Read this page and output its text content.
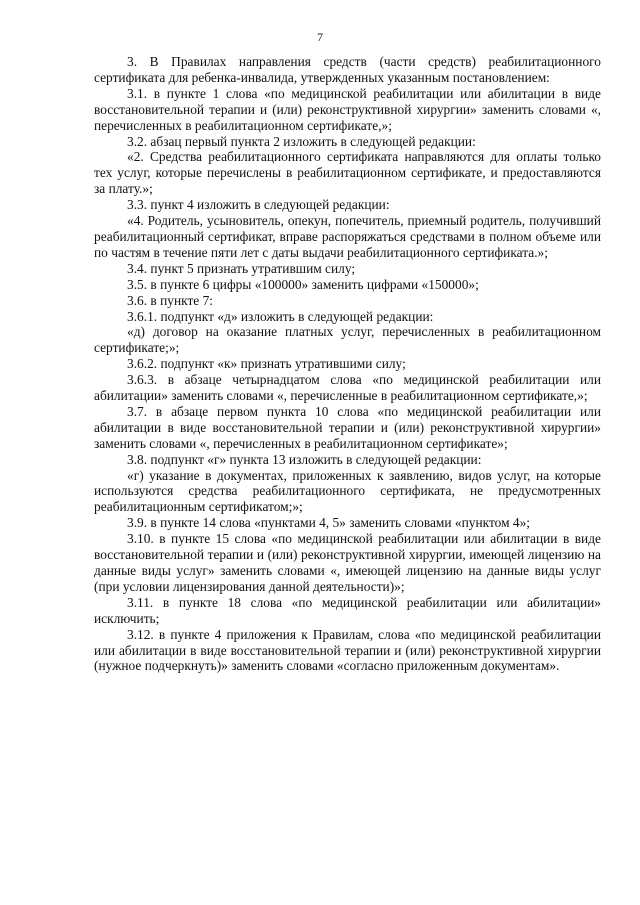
7

3. В Правилах направления средств (части средств) реабилитационного сертификата для ребенка-инвалида, утвержденных указанным постановлением:

3.1. в пункте 1 слова «по медицинской реабилитации или абилитации в виде восстановительной терапии и (или) реконструктивной хирургии» заменить словами «, перечисленных в реабилитационном сертификате,»;

3.2. абзац первый пункта 2 изложить в следующей редакции:

«2. Средства реабилитационного сертификата направляются для оплаты только тех услуг, которые перечислены в реабилитационном сертификате, и предоставляются за плату.»;

3.3. пункт 4 изложить в следующей редакции:

«4. Родитель, усыновитель, опекун, попечитель, приемный родитель, получивший реабилитационный сертификат, вправе распоряжаться средствами в полном объеме или по частям в течение пяти лет с даты выдачи реабилитационного сертификата.»;

3.4. пункт 5 признать утратившим силу;

3.5. в пункте 6 цифры «100000» заменить цифрами «150000»;

3.6. в пункте 7:

3.6.1. подпункт «д» изложить в следующей редакции:

«д) договор на оказание платных услуг, перечисленных в реабилитационном сертификате;»;

3.6.2. подпункт «к» признать утратившими силу;

3.6.3. в абзаце четырнадцатом слова «по медицинской реабилитации или абилитации» заменить словами «, перечисленные в реабилитационном сертификате,»;

3.7. в абзаце первом пункта 10 слова «по медицинской реабилитации или абилитации в виде восстановительной терапии и (или) реконструктивной хирургии» заменить словами «, перечисленных в реабилитационном сертификате»;

3.8. подпункт «г» пункта 13 изложить в следующей редакции:

«г) указание в документах, приложенных к заявлению, видов услуг, на которые используются средства реабилитационного сертификата, не предусмотренных реабилитационным сертификатом;»;

3.9. в пункте 14 слова «пунктами 4, 5» заменить словами «пунктом 4»;

3.10. в пункте 15 слова «по медицинской реабилитации или абилитации в виде восстановительной терапии и (или) реконструктивной хирургии, имеющей лицензию на данные виды услуг» заменить словами «, имеющей лицензию на данные виды услуг (при условии лицензирования данной деятельности)»;

3.11. в пункте 18 слова «по медицинской реабилитации или абилитации» исключить;

3.12. в пункте 4 приложения к Правилам, слова «по медицинской реабилитации или абилитации в виде восстановительной терапии и (или) реконструктивной хирургии (нужное подчеркнуть)» заменить словами «согласно приложенным документам».
